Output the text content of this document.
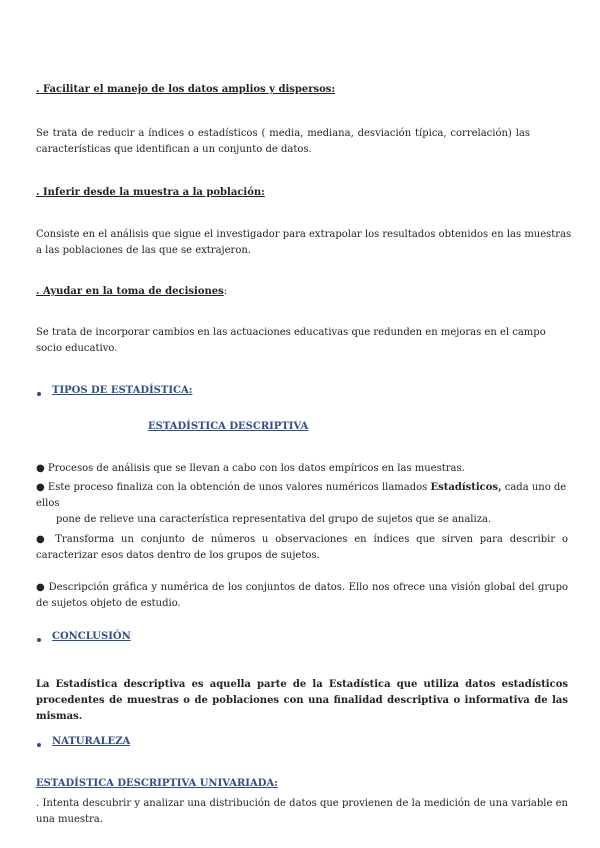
. Facilitar el manejo de los datos amplios y dispersos:

Se trata de reducir a índices o estadísticos ( media, mediana, desviación típica, correlación) las características que identifican a un conjunto de datos.

. Inferir desde la muestra a la población:

Consiste en el análisis que sigue el investigador para extrapolar los resultados obtenidos en las muestras

a las poblaciones de las que se extrajeron.

. Ayudar en la toma de decisiones:

Se trata de incorporar cambios en las actuaciones educativas que redunden en mejoras en el campo socio educativo.

TIPOS DE ESTADÍSTICA:

ESTADÍSTICA DESCRIPTIVA

● Procesos de análisis que se llevan a cabo con los datos empíricos en las muestras.

● Este proceso finaliza con la obtención de unos valores numéricos llamados Estadísticos, cada uno de ellos
pone de relieve una característica representativa del grupo de sujetos que se analiza.

● Transforma un conjunto de números u observaciones en índices que sirven para describir o caracterizar esos datos dentro de los grupos de sujetos.

● Descripción gráfica y numérica de los conjuntos de datos. Ello nos ofrece una visión global del grupo de sujetos objeto de estudio.

CONCLUSIÓN

La Estadística descriptiva es aquella parte de la Estadística que utiliza datos estadísticos procedentes de muestras o de poblaciones con una finalidad descriptiva o informativa de las mismas.

NATURALEZA

ESTADÍSTICA DESCRIPTIVA UNIVARIADA:

. Intenta descubrir y analizar una distribución de datos que provienen de la medición de una variable en una muestra.
